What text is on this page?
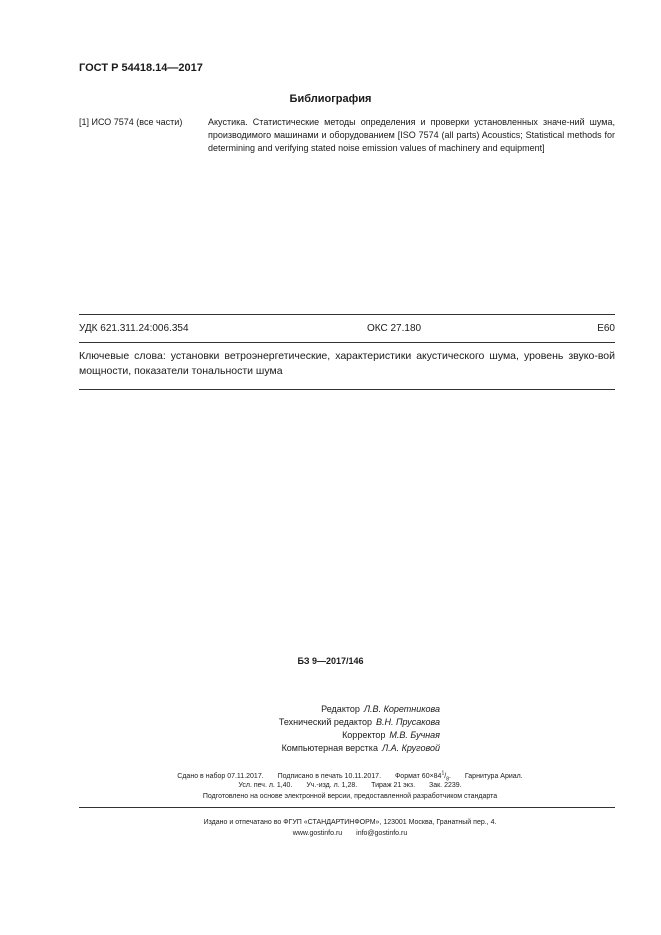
ГОСТ Р 54418.14—2017
Библиография
[1] ИСО 7574 (все части)	Акустика. Статистические методы определения и проверки установленных значе-ний шума, производимого машинами и оборудованием [ISO 7574 (all parts) Acoustics; Statistical methods for determining and verifying stated noise emission values of machinery and equipment]
УДК 621.311.24:006.354	ОКС 27.180	Е60
Ключевые слова: установки ветроэнергетические, характеристики акустического шума, уровень звуко-вой мощности, показатели тональности шума
БЗ 9—2017/146
Редактор Л.В. Коретникова
Технический редактор В.Н. Прусакова
Корректор М.В. Бучная
Компьютерная верстка Л.А. Круговой
Сдано в набор 07.11.2017. Подписано в печать 10.11.2017. Формат $60\times 84^1/_8$. Гарнитура Ариал.
Усл. печ. л. 1,40. Уч.-изд. л. 1,28. Тираж 21 экз. Зак. 2239.
Подготовлено на основе электронной версии, предоставленной разработчиком стандарта
Издано и отпечатано во ФГУП «СТАНДАРТИНФОРМ», 123001 Москва, Гранатный пер., 4.
www.gostinfo.ru info@gostinfo.ru
